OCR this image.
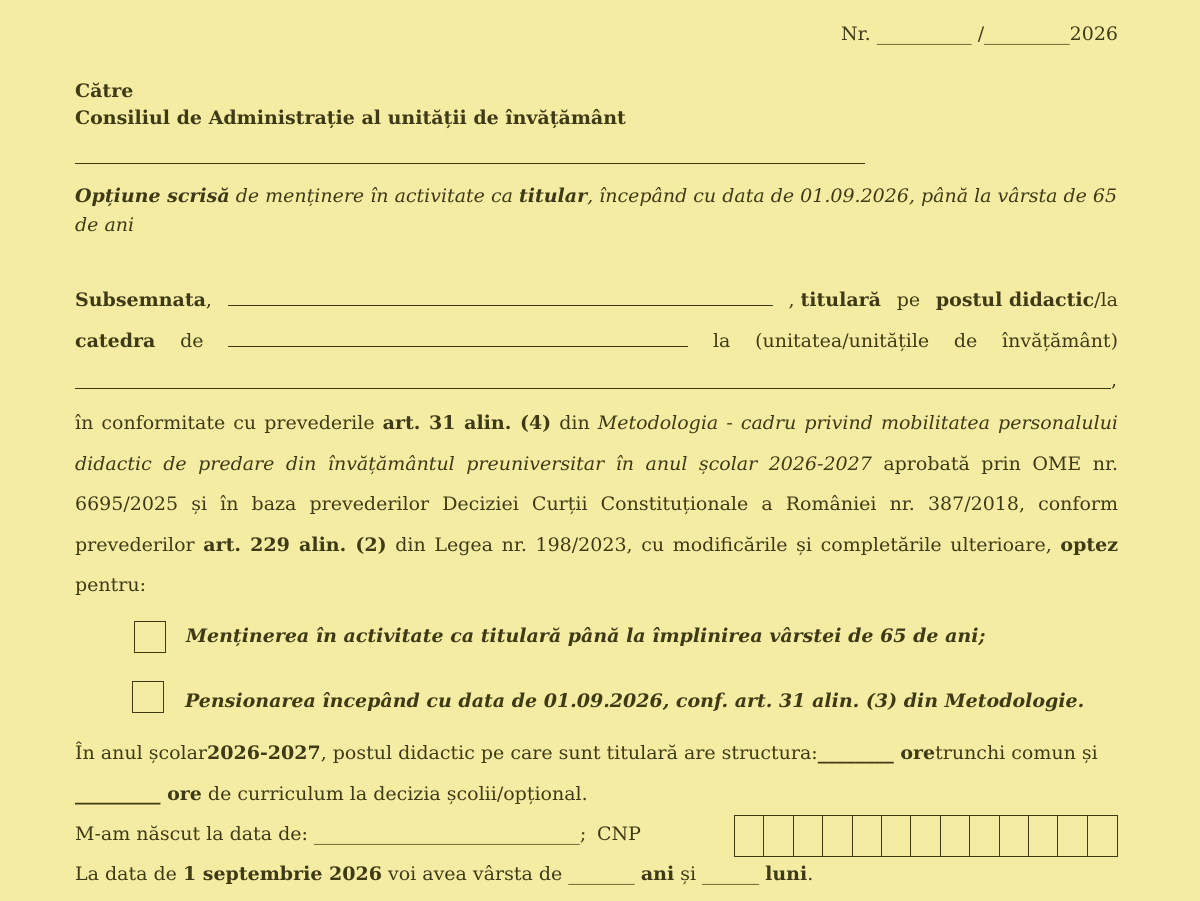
Nr. __________ /_________2026
Către
Consiliul de Administrație al unității de învățământ
Opțiune scrisă de menținere în activitate ca titular, începând cu data de 01.09.2026, până la vârsta de 65 de ani
Subsemnata,	, titulară pe postul didactic/la
catedra de	la (unitatea/unitățile de învățământ)
,
în conformitate cu prevederile art. 31 alin. (4) din Metodologia - cadru privind mobilitatea personalului didactic de predare din învățământul preuniversitar în anul școlar 2026-2027 aprobată prin OME nr. 6695/2025 și în baza prevederilor Deciziei Curții Constituționale a României nr. 387/2018, conform prevederilor art. 229 alin. (2) din Legea nr. 198/2023, cu modificările și completările ulterioare, optez pentru:
Menținerea în activitate ca titulară până la împlinirea vârstei de 65 de ani;
Pensionarea începând cu data de 01.09.2026, conf. art. 31 alin. (3) din Metodologie.
În anul școlar2026-2027, postul didactic pe care sunt titulară are structura:________ oretrunchi comun și
_________ ore de curriculum la decizia școlii/opțional.
M-am născut la data de: ____________________________; CNP
La data de 1 septembrie 2026 voi avea vârsta de _______ ani și ______ luni.
